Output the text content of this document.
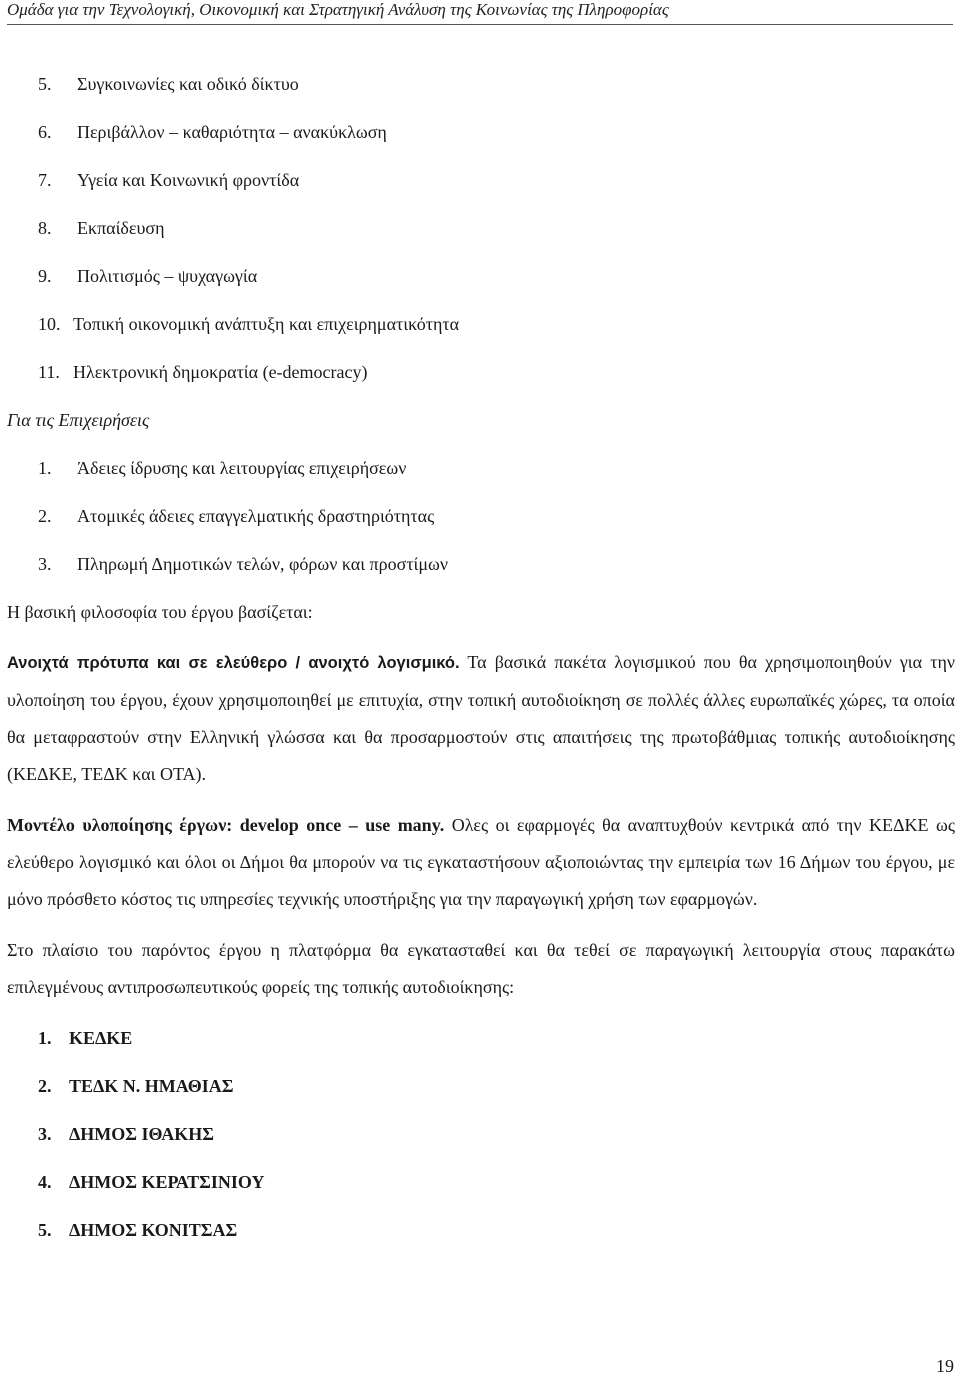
Ομάδα για την Τεχνολογική, Οικονομική και Στρατηγική Ανάλυση της Κοινωνίας της Πληροφορίας
5. Συγκοινωνίες και οδικό δίκτυο
6. Περιβάλλον – καθαριότητα – ανακύκλωση
7. Υγεία και Κοινωνική φροντίδα
8. Εκπαίδευση
9. Πολιτισμός – ψυχαγωγία
10. Τοπική οικονομική ανάπτυξη και επιχειρηματικότητα
11. Ηλεκτρονική δημοκρατία (e-democracy)
Για τις Επιχειρήσεις
1. Άδειες ίδρυσης και λειτουργίας επιχειρήσεων
2. Ατομικές άδειες επαγγελματικής δραστηριότητας
3. Πληρωμή Δημοτικών τελών, φόρων και προστίμων
Η βασική φιλοσοφία του έργου βασίζεται:
Ανοιχτά πρότυπα και σε ελεύθερο / ανοιχτό λογισμικό. Τα βασικά πακέτα λογισμικού που θα χρησιμοποιηθούν για την υλοποίηση του έργου, έχουν χρησιμοποιηθεί με επιτυχία, στην τοπική αυτοδιοίκηση σε πολλές άλλες ευρωπαϊκές χώρες, τα οποία θα μεταφραστούν στην Ελληνική γλώσσα και θα προσαρμοστούν στις απαιτήσεις της πρωτοβάθμιας τοπικής αυτοδιοίκησης (ΚΕΔΚΕ, ΤΕΔΚ και ΟΤΑ).
Μοντέλο υλοποίησης έργων: develop once – use many. Ολες οι εφαρμογές θα αναπτυχθούν κεντρικά από την ΚΕΔΚΕ ως ελεύθερο λογισμικό και όλοι οι Δήμοι θα μπορούν να τις εγκαταστήσουν αξιοποιώντας την εμπειρία των 16 Δήμων του έργου, με μόνο πρόσθετο κόστος τις υπηρεσίες τεχνικής υποστήριξης για την παραγωγική χρήση των εφαρμογών.
Στο πλαίσιο του παρόντος έργου η πλατφόρμα θα εγκατασταθεί και θα τεθεί σε παραγωγική λειτουργία στους παρακάτω επιλεγμένους αντιπροσωπευτικούς φορείς της τοπικής αυτοδιοίκησης:
1. ΚΕΔΚΕ
2. ΤΕΔΚ Ν. ΗΜΑΘΙΑΣ
3. ΔΗΜΟΣ ΙΘΑΚΗΣ
4. ΔΗΜΟΣ ΚΕΡΑΤΣΙΝΙΟΥ
5. ΔΗΜΟΣ ΚΟΝΙΤΣΑΣ
19
